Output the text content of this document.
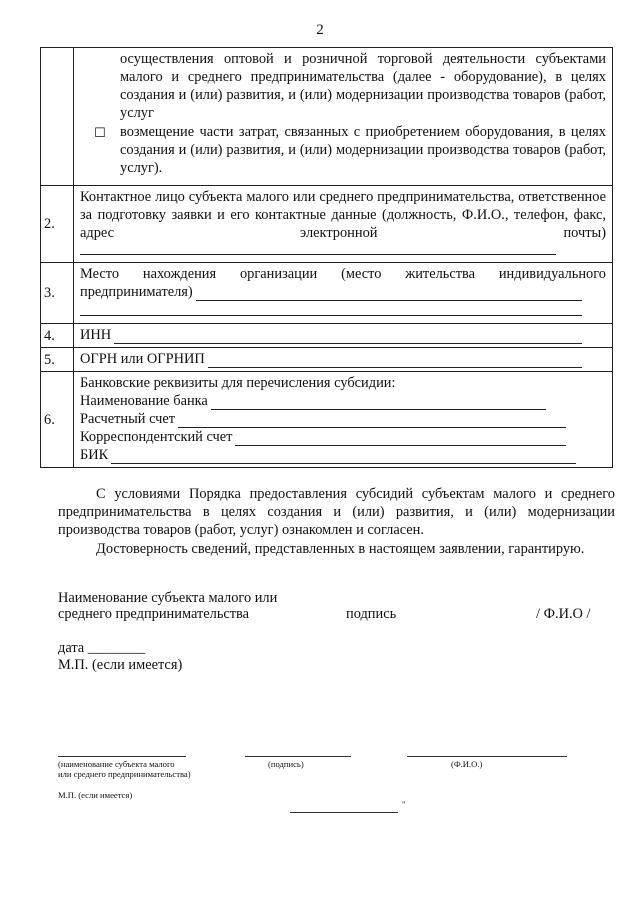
2

	осуществления оптовой и розничной торговой деятельности субъектами малого и среднего предпринимательства (далее - оборудование), в целях создания и (или) развития, и (или) модернизации производства товаров (работ, услуг
☐ возмещение части затрат, связанных с приобретением оборудования, в целях создания и (или) развития, и (или) модернизации производства товаров (работ, услуг).

2.	Контактное лицо субъекта малого или среднего предпринимательства, ответственное за подготовку заявки и его контактные данные (должность, Ф.И.О., телефон, факс, адрес электронной почты)

3.	Место нахождения организации (место жительства индивидуального
предпринимателя)

4.	ИНН

5.	ОГРН или ОГРНИП

6.	Банковские реквизиты для перечисления субсидии:
Наименование банка
Расчетный счет
Корреспондентский счет
БИК
С условиями Порядка предоставления субсидий субъектам малого и среднего предпринимательства в целях создания и (или) развития, и (или) модернизации производства товаров (работ, услуг) ознакомлен и согласен.
Достоверность сведений, представленных в настоящем заявлении, гарантирую.
Наименование субъекта малого или
среднего предпринимательства	подпись	/ Ф.И.О /
дата ________
М.П. (если имеется)
(наименование субъекта малого
или среднего предпринимательства)
(подпись)	(Ф.И.О.)
М.П. (если имеется)
"
